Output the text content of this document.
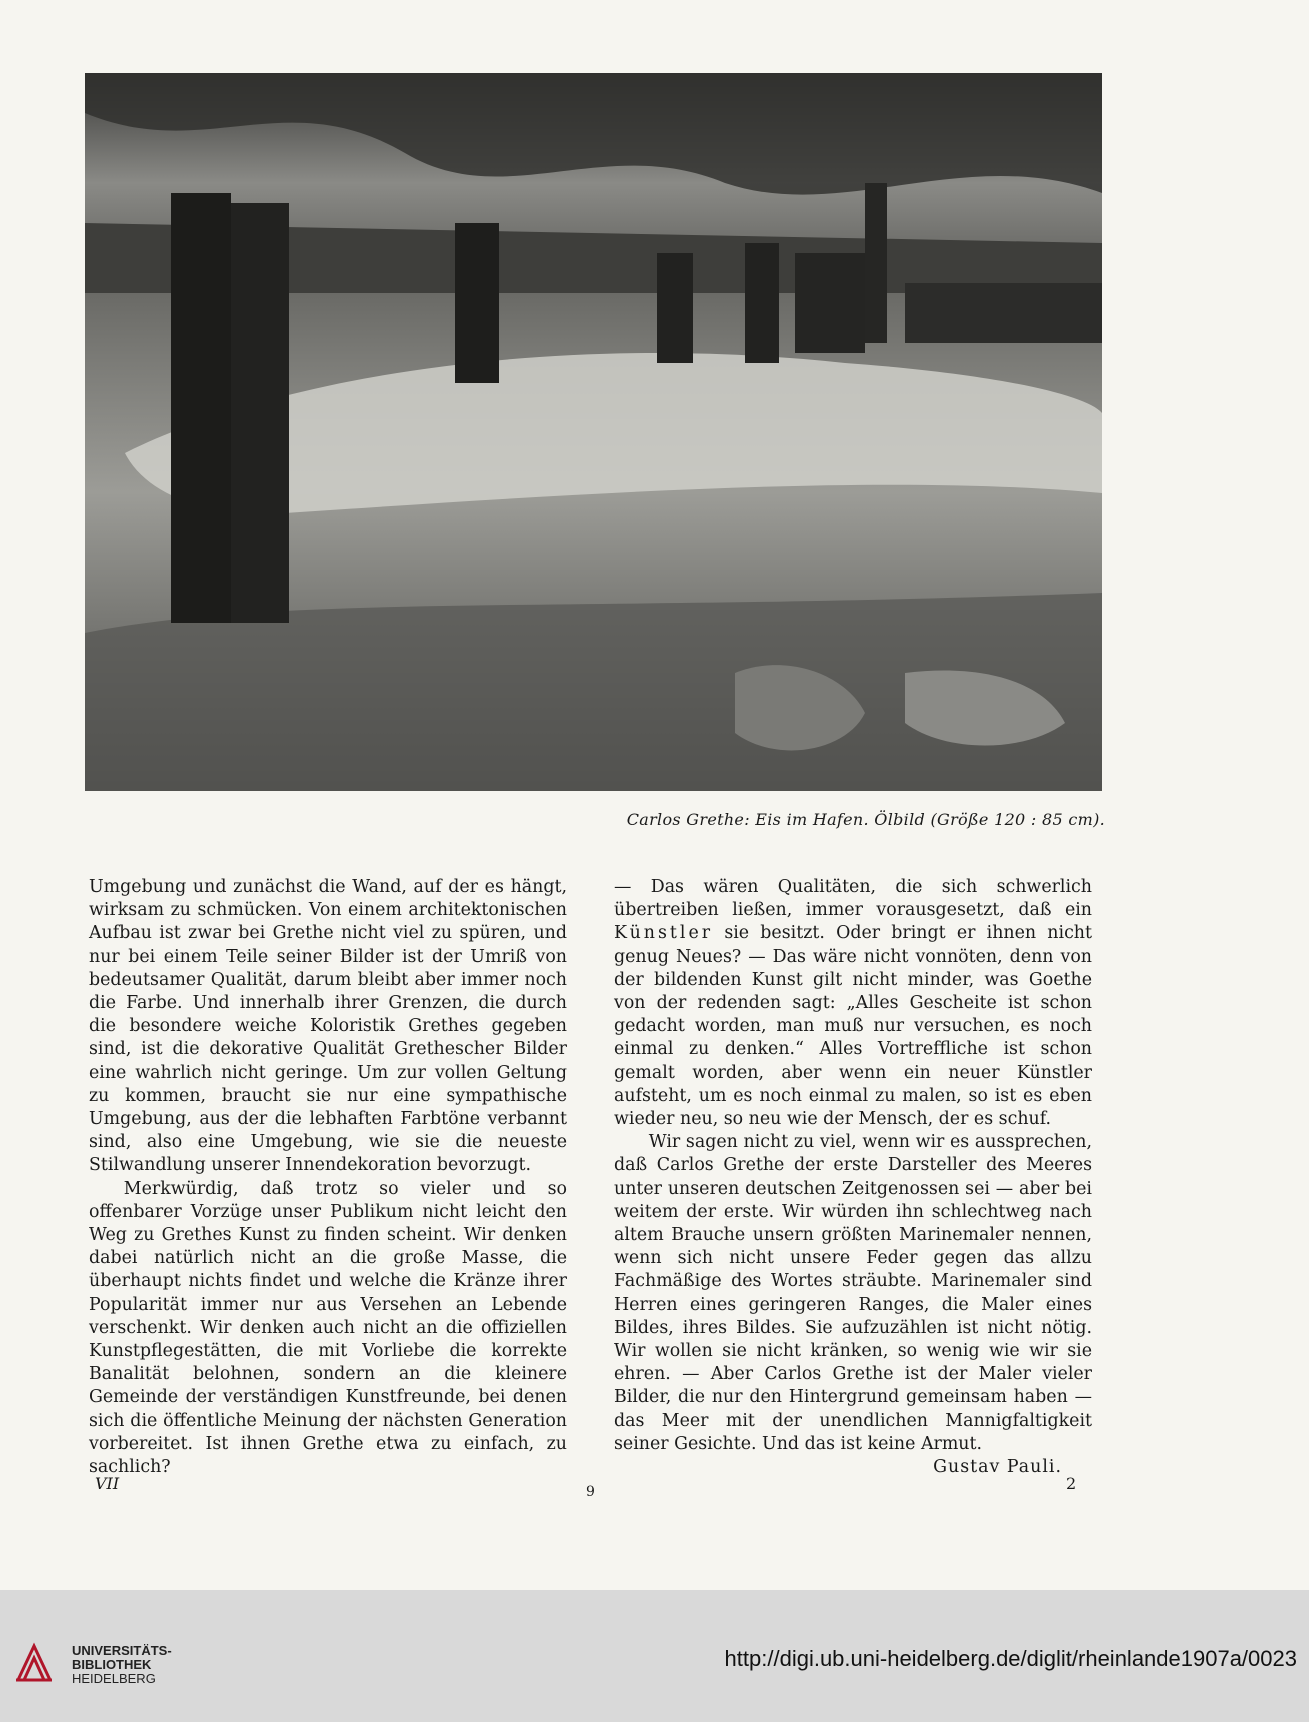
Carlos Grethe: Eis im Hafen. Ölbild (Größe 120 : 85 cm).

Umgebung und zunächst die Wand, auf der es hängt, wirksam zu schmücken. Von einem architektonischen Aufbau ist zwar bei Grethe nicht viel zu spüren, und nur bei einem Teile seiner Bilder ist der Umriß von bedeutsamer Qualität, darum bleibt aber immer noch die Farbe. Und innerhalb ihrer Grenzen, die durch die besondere weiche Koloristik Grethes gegeben sind, ist die dekorative Qualität Grethescher Bilder eine wahrlich nicht geringe. Um zur vollen Geltung zu kommen, braucht sie nur eine sympathische Umgebung, aus der die lebhaften Farbtöne verbannt sind, also eine Umgebung, wie sie die neueste Stilwandlung unserer Innendekoration bevorzugt.

Merkwürdig, daß trotz so vieler und so offenbarer Vorzüge unser Publikum nicht leicht den Weg zu Grethes Kunst zu finden scheint. Wir denken dabei natürlich nicht an die große Masse, die überhaupt nichts findet und welche die Kränze ihrer Popularität immer nur aus Versehen an Lebende verschenkt. Wir denken auch nicht an die offiziellen Kunstpflegestätten, die mit Vorliebe die korrekte Banalität belohnen, sondern an die kleinere Gemeinde der verständigen Kunstfreunde, bei denen sich die öffentliche Meinung der nächsten Generation vorbereitet. Ist ihnen Grethe etwa zu einfach, zu sachlich?

— Das wären Qualitäten, die sich schwerlich übertreiben ließen, immer vorausgesetzt, daß ein Künstler sie besitzt. Oder bringt er ihnen nicht genug Neues? — Das wäre nicht vonnöten, denn von der bildenden Kunst gilt nicht minder, was Goethe von der redenden sagt: „Alles Gescheite ist schon gedacht worden, man muß nur versuchen, es noch einmal zu denken.“ Alles Vortreffliche ist schon gemalt worden, aber wenn ein neuer Künstler aufsteht, um es noch einmal zu malen, so ist es eben wieder neu, so neu wie der Mensch, der es schuf.

Wir sagen nicht zu viel, wenn wir es aussprechen, daß Carlos Grethe der erste Darsteller des Meeres unter unseren deutschen Zeitgenossen sei — aber bei weitem der erste. Wir würden ihn schlechtweg nach altem Brauche unsern größten Marinemaler nennen, wenn sich nicht unsere Feder gegen das allzu Fachmäßige des Wortes sträubte. Marinemaler sind Herren eines geringeren Ranges, die Maler eines Bildes, ihres Bildes. Sie aufzuzählen ist nicht nötig. Wir wollen sie nicht kränken, so wenig wie wir sie ehren. — Aber Carlos Grethe ist der Maler vieler Bilder, die nur den Hintergrund gemeinsam haben — das Meer mit der unendlichen Mannigfaltigkeit seiner Gesichte. Und das ist keine Armut.

Gustav Pauli.
VII	9	2
UNIVERSITÄTS-
BIBLIOTHEK
HEIDELBERG
http://digi.ub.uni-heidelberg.de/diglit/rheinlande1907a/0023
